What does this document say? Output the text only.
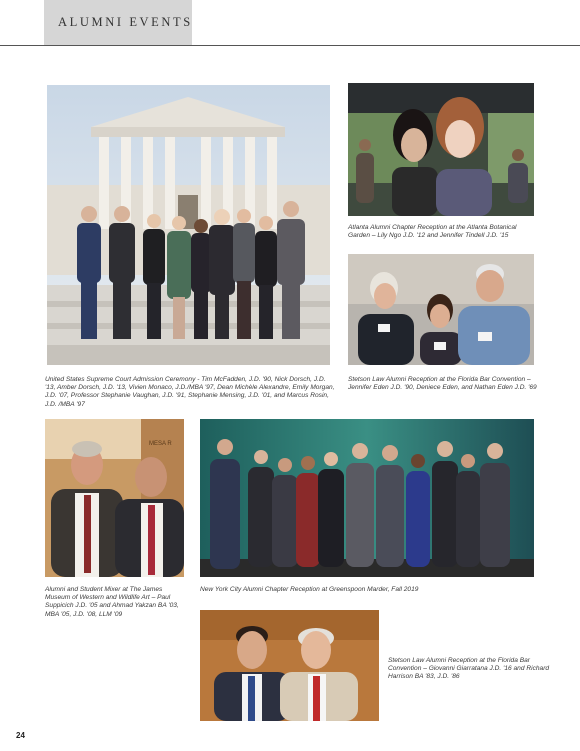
ALUMNI EVENTS
MESA R
United States Supreme Court Admission Ceremony - Tim McFadden, J.D. '90, Nick Dorsch, J.D. '13, Amber Dorsch, J.D. '13, Vivien Monaco, J.D./MBA '97, Dean Michèle Alexandre, Emily Morgan, J.D. '07, Professor Stephanie Vaughan, J.D. '91, Stephanie Mensing, J.D. '01, and Marcus Rosin, J.D. /MBA '97
Atlanta Alumni Chapter Reception at the Atlanta Botanical Garden – Lily Ngo J.D. '12 and Jennifer Tindell J.D. '15
Stetson Law Alumni Reception at the Florida Bar Convention – Jennifer Eden J.D. '90, Deniece Eden, and Nathan Eden J.D. '69
Alumni and Student Mixer at The James Museum of Western and Wildlife Art – Paul Suppicich J.D. '05 and Ahmad Yakzan BA '03, MBA '05, J.D. '08, LLM '09
New York City Alumni Chapter Reception at Greenspoon Marder, Fall 2019
Stetson Law Alumni Reception at the Florida Bar Convention – Giovanni Giarratana J.D. '16 and Richard Harrison BA '83, J.D. '86
24
